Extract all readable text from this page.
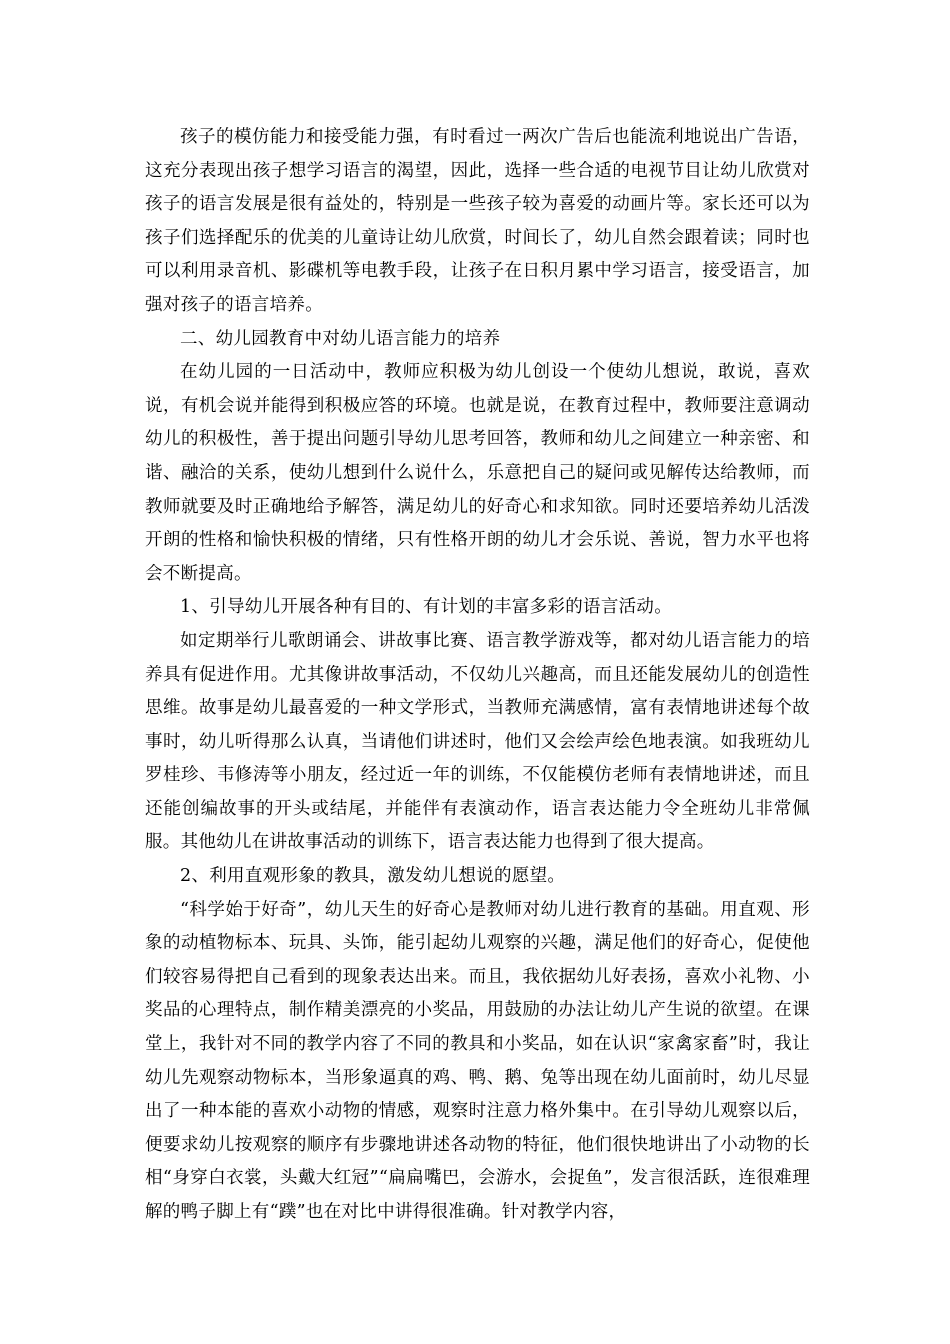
孩子的模仿能力和接受能力强，有时看过一两次广告后也能流利地说出广告语，这充分表现出孩子想学习语言的渴望，因此，选择一些合适的电视节目让幼儿欣赏对孩子的语言发展是很有益处的，特别是一些孩子较为喜爱的动画片等。家长还可以为孩子们选择配乐的优美的儿童诗让幼儿欣赏，时间长了，幼儿自然会跟着读；同时也可以利用录音机、影碟机等电教手段，让孩子在日积月累中学习语言，接受语言，加强对孩子的语言培养。

二、幼儿园教育中对幼儿语言能力的培养

在幼儿园的一日活动中，教师应积极为幼儿创设一个使幼儿想说，敢说，喜欢说，有机会说并能得到积极应答的环境。也就是说，在教育过程中，教师要注意调动幼儿的积极性，善于提出问题引导幼儿思考回答，教师和幼儿之间建立一种亲密、和谐、融洽的关系，使幼儿想到什么说什么，乐意把自己的疑问或见解传达给教师，而教师就要及时正确地给予解答，满足幼儿的好奇心和求知欲。同时还要培养幼儿活泼开朗的性格和愉快积极的情绪，只有性格开朗的幼儿才会乐说、善说，智力水平也将会不断提高。

1、引导幼儿开展各种有目的、有计划的丰富多彩的语言活动。

如定期举行儿歌朗诵会、讲故事比赛、语言教学游戏等，都对幼儿语言能力的培养具有促进作用。尤其像讲故事活动，不仅幼儿兴趣高，而且还能发展幼儿的创造性思维。故事是幼儿最喜爱的一种文学形式，当教师充满感情，富有表情地讲述每个故事时，幼儿听得那么认真，当请他们讲述时，他们又会绘声绘色地表演。如我班幼儿罗桂珍、韦修涛等小朋友，经过近一年的训练，不仅能模仿老师有表情地讲述，而且还能创编故事的开头或结尾，并能伴有表演动作，语言表达能力令全班幼儿非常佩服。其他幼儿在讲故事活动的训练下，语言表达能力也得到了很大提高。

2、利用直观形象的教具，激发幼儿想说的愿望。

“科学始于好奇”，幼儿天生的好奇心是教师对幼儿进行教育的基础。用直观、形象的动植物标本、玩具、头饰，能引起幼儿观察的兴趣，满足他们的好奇心，促使他们较容易得把自己看到的现象表达出来。而且，我依据幼儿好表扬，喜欢小礼物、小奖品的心理特点，制作精美漂亮的小奖品，用鼓励的办法让幼儿产生说的欲望。在课堂上，我针对不同的教学内容了不同的教具和小奖品，如在认识“家禽家畜”时，我让幼儿先观察动物标本，当形象逼真的鸡、鸭、鹅、兔等出现在幼儿面前时，幼儿尽显出了一种本能的喜欢小动物的情感，观察时注意力格外集中。在引导幼儿观察以后，便要求幼儿按观察的顺序有步骤地讲述各动物的特征，他们很快地讲出了小动物的长相“身穿白衣裳，头戴大红冠”“扁扁嘴巴，会游水，会捉鱼”，发言很活跃，连很难理解的鸭子脚上有“蹼”也在对比中讲得很准确。针对教学内容，
